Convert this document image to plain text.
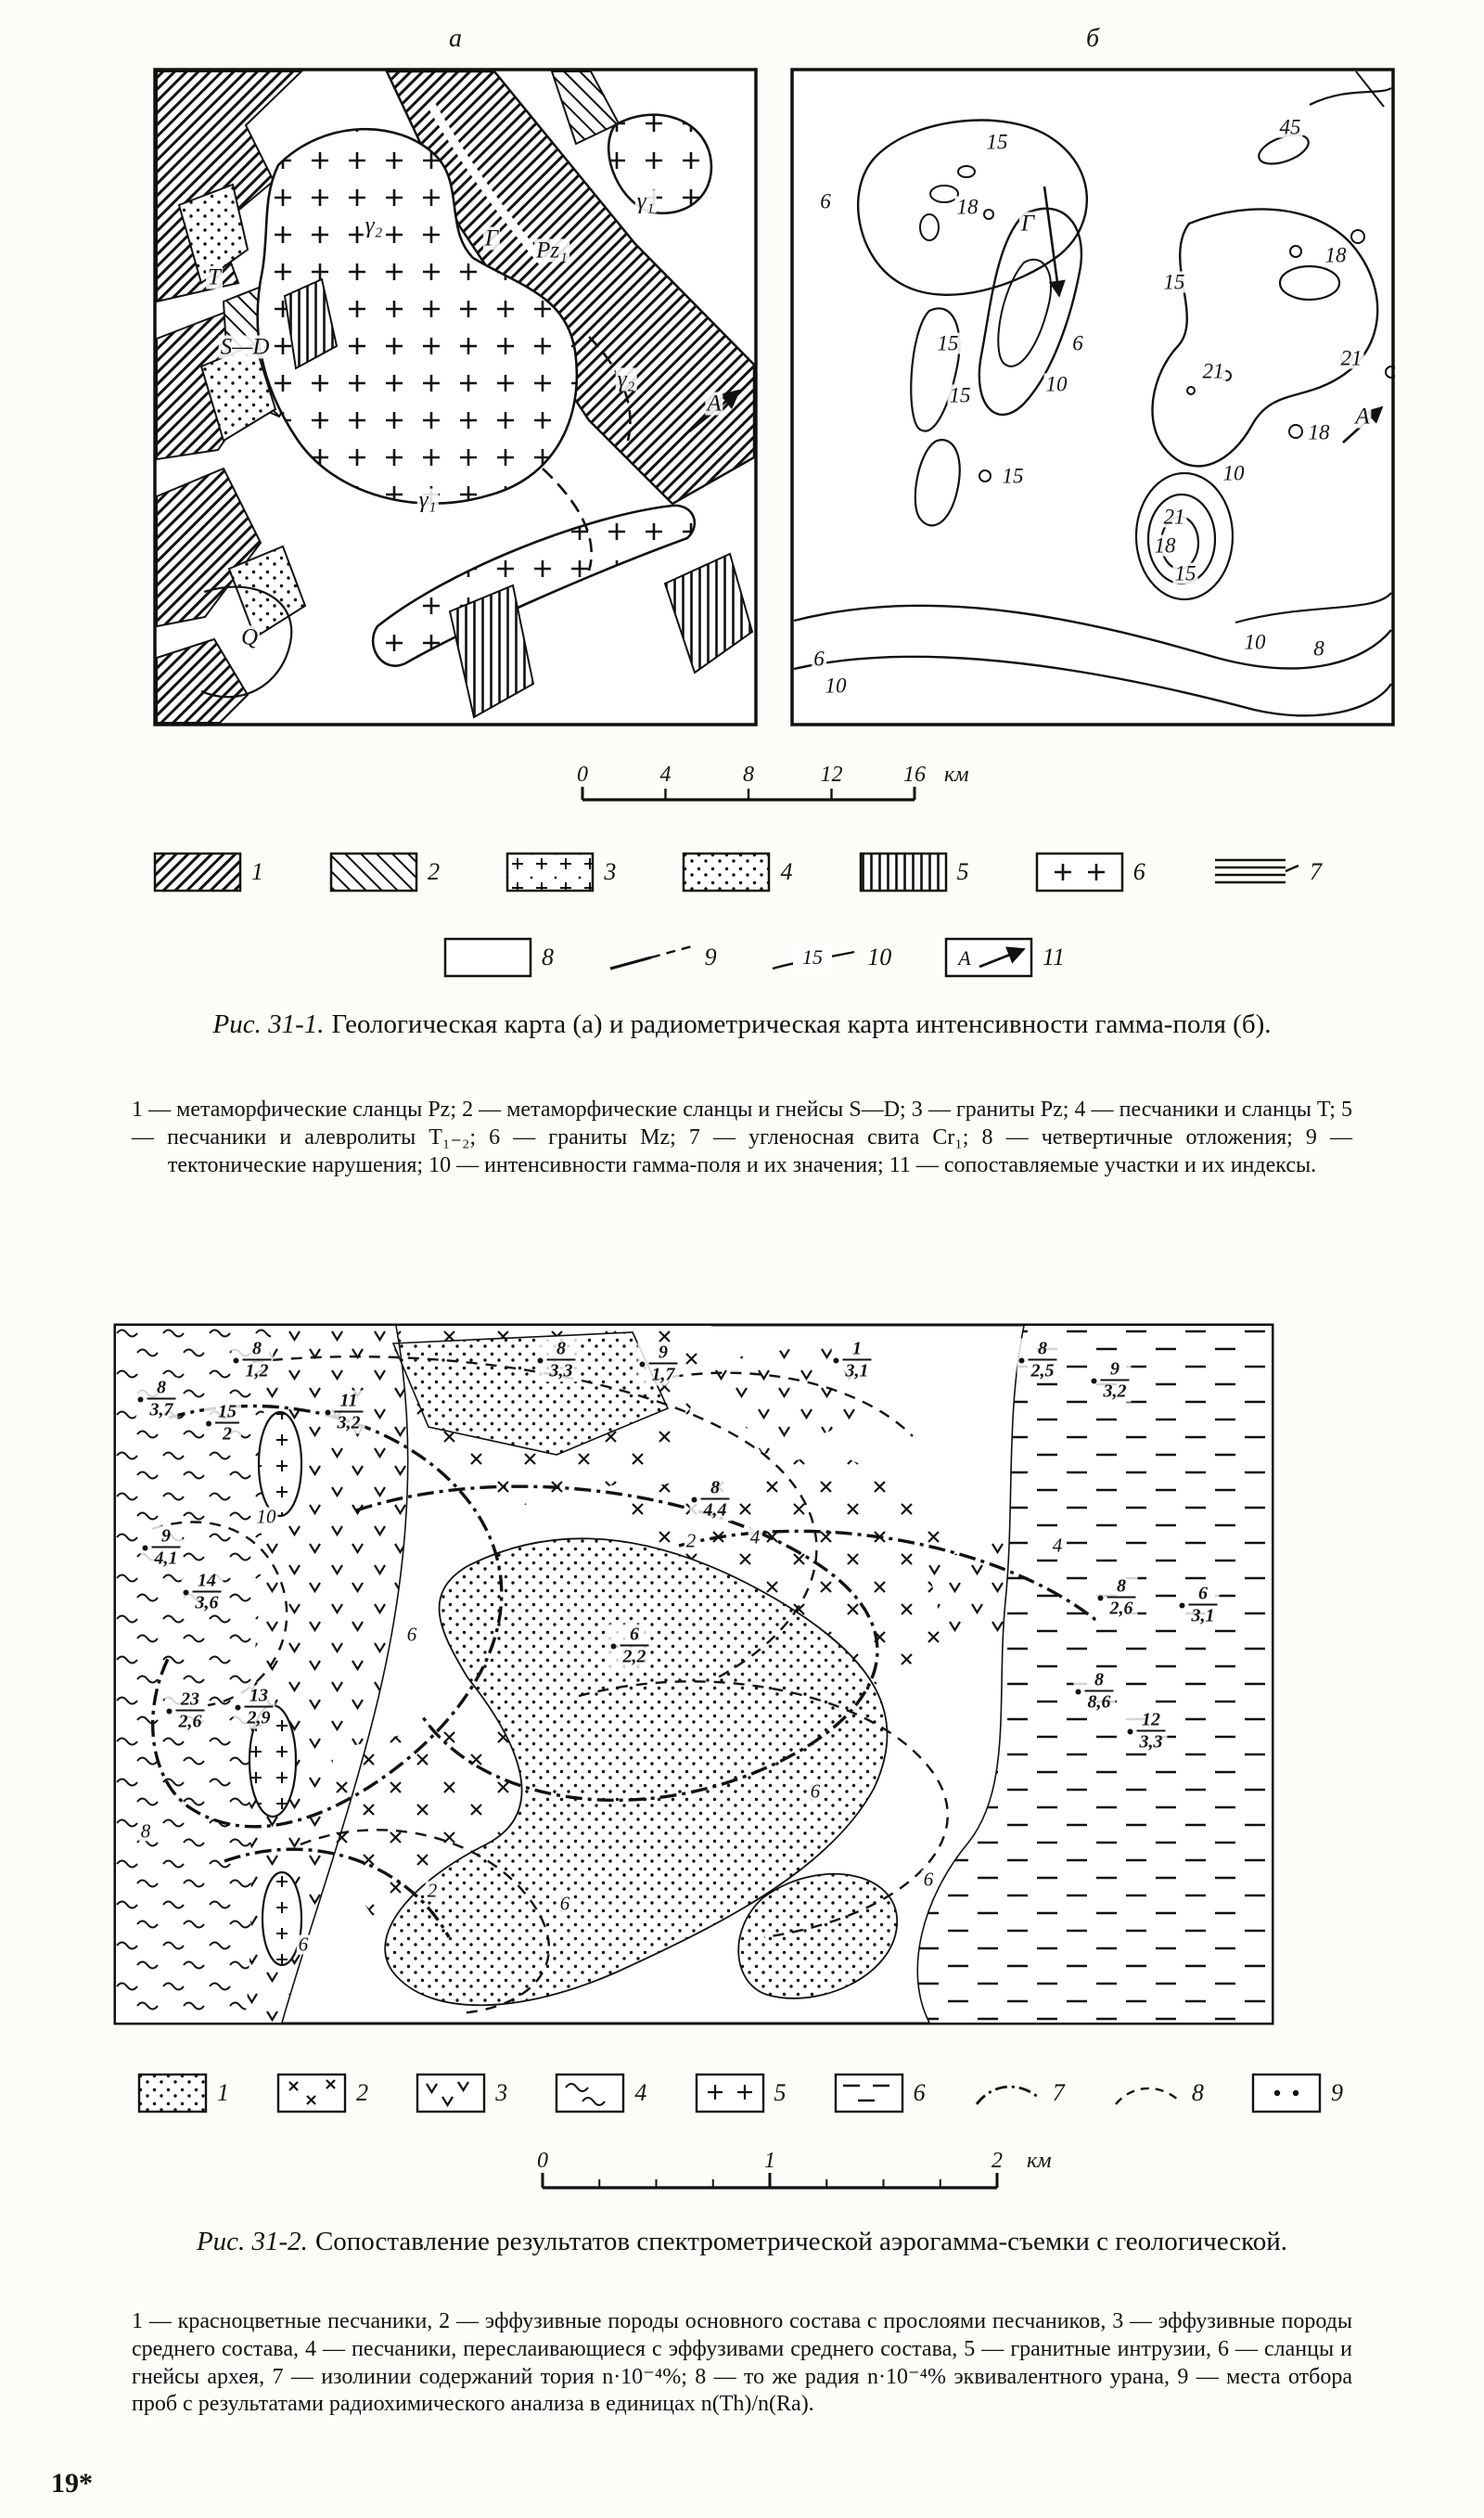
а	б
γ₂
Г Pz₁
γ₁
T
S—D
γ₂
А
γ₁
Q
15
18
45
6
Г
18
15
15	6
21
21
15	10
18
А
15	10
21
18
15
10 8
6
10
0	4	8	12	16 км
1	2	3	4	5	6	7
8	9	15 10	А	11
Рис. 31-1. Геологическая карта (а) и радиометрическая карта интенсивности гамма-поля (б).
1 — метаморфические сланцы Pz; 2 — метаморфические сланцы и гнейсы S—D; 3 — граниты Pz; 4 — песчаники и сланцы T; 5 — песчаники и алевролиты T₁₋₂; 6 — граниты Mz; 7 — угленосная свита Cr₁; 8 — четвертичные отложения; 9 — тектонические нарушения; 10 — интенсивности гамма-поля и их значения; 11 — сопоставляемые участки и их индексы.
$\frac{8}{1,2}$
$\frac{8}{3,7}$
$\frac{15}{2}$	$\frac{11}{3,2}$
$\frac{8}{3,3}$	$\frac{9}{1,7}$	$\frac{1}{3,1}$	$\frac{8}{2,5} \frac{9}{3,2}$
$\frac{8}{4,4}$
$\frac{9}{4,1}$
$\frac{14}{3,6}$
$\frac{23}{2,6} \frac{13}{2,9}$
$\frac{6}{2,2}$
$\frac{8}{2,6}$	$\frac{6}{3,1}$
$\frac{8}{8,6}$
$\frac{12}{3,3}$
10
8
6
2	4	4
6
2
6
6
6
1	2	3	4	5	6	7	8	9
0	1	2 км
Рис. 31-2. Сопоставление результатов спектрометрической аэрогамма-съемки с геологической.
1 — красноцветные песчаники, 2 — эффузивные породы основного состава с прослоями песчаников, 3 — эффузивные породы среднего состава, 4 — песчаники, переслаивающиеся с эффузивами среднего состава, 5 — гранитные интрузии, 6 — сланцы и гнейсы архея, 7 — изолинии содержаний тория n·10⁻⁴%; 8 — то же радия n·10⁻⁴% эквивалентного урана, 9 — места отбора проб с результатами радиохимического анализа в единицах n(Th)/n(Ra).
19*
